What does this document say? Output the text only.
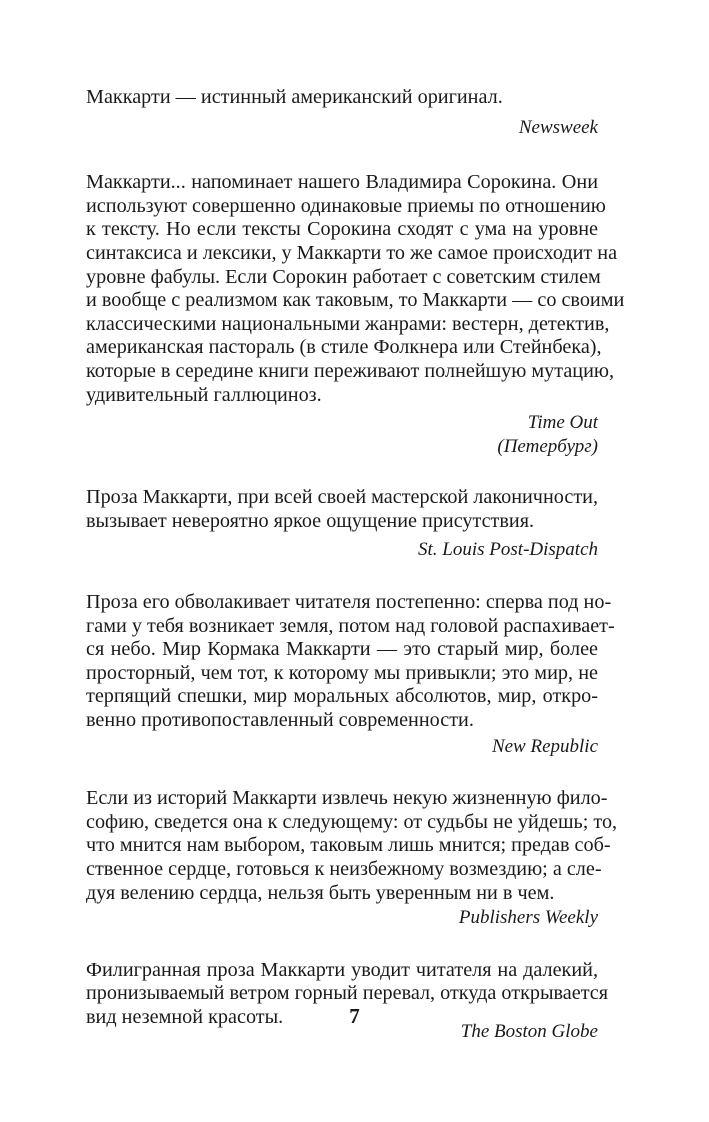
Маккарти — истинный американский оригинал.
Newsweek
Маккарти... напоминает нашего Владимира Сорокина. Они
используют совершенно одинаковые приемы по отношению
к тексту. Но если тексты Сорокина сходят с ума на уровне
синтаксиса и лексики, у Маккарти то же самое происходит на
уровне фабулы. Если Сорокин работает с советским стилем
и вообще с реализмом как таковым, то Маккарти — со своими
классическими национальными жанрами: вестерн, детектив,
американская пастораль (в стиле Фолкнера или Стейнбека),
которые в середине книги переживают полнейшую мутацию,
удивительный галлюциноз.
Time Out
(Петербург)
Проза Маккарти, при всей своей мастерской лаконичности,
вызывает невероятно яркое ощущение присутствия.
St. Louis Post-Dispatch
Проза его обволакивает читателя постепенно: сперва под но-
гами у тебя возникает земля, потом над головой распахивает-
ся небо. Мир Кормака Маккарти — это старый мир, более
просторный, чем тот, к которому мы привыкли; это мир, не
терпящий спешки, мир моральных абсолютов, мир, откро-
венно противопоставленный современности.
New Republic
Если из историй Маккарти извлечь некую жизненную фило-
софию, сведется она к следующему: от судьбы не уйдешь; то,
что мнится нам выбором, таковым лишь мнится; предав соб-
ственное сердце, готовься к неизбежному возмездию; а сле-
дуя велению сердца, нельзя быть уверенным ни в чем.
Publishers Weekly
Филигранная проза Маккарти уводит читателя на далекий,
пронизываемый ветром горный перевал, откуда открывается
вид неземной красоты.
The Boston Globe
7
